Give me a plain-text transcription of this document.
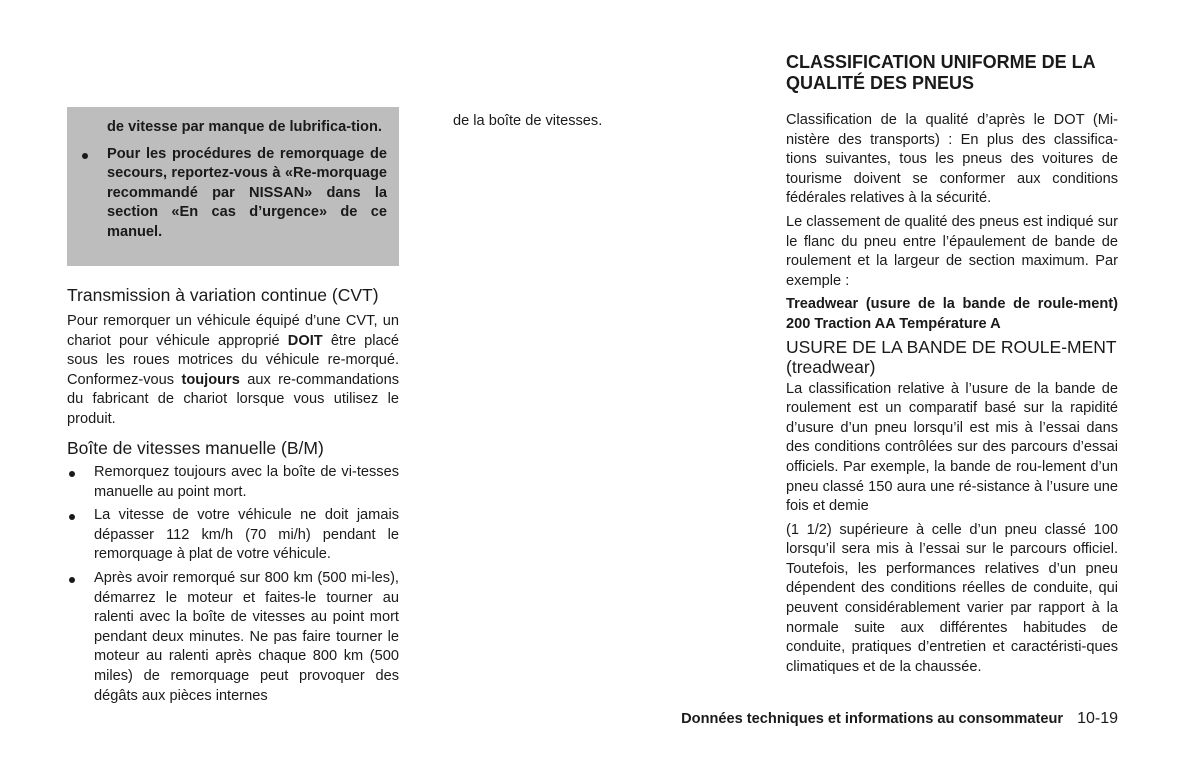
de vitesse par manque de lubrifica-tion.

Pour les procédures de remorquage de secours, reportez-vous à «Re-morquage recommandé par NISSAN» dans la section «En cas d’urgence» de ce manuel.

Transmission à variation continue (CVT)

Pour remorquer un véhicule équipé d’une CVT, un chariot pour véhicule approprié DOIT être placé sous les roues motrices du véhicule re-morqué. Conformez-vous toujours aux re-commandations du fabricant de chariot lorsque vous utilisez le produit.

Boîte de vitesses manuelle (B/M)

Remorquez toujours avec la boîte de vi-tesses manuelle au point mort.

La vitesse de votre véhicule ne doit jamais dépasser 112 km/h (70 mi/h) pendant le remorquage à plat de votre véhicule.

Après avoir remorqué sur 800 km (500 mi-les), démarrez le moteur et faites-le tourner au ralenti avec la boîte de vitesses au point mort pendant deux minutes. Ne pas faire tourner le moteur au ralenti après chaque 800 km (500 miles) de remorquage peut provoquer des dégâts aux pièces internes

de la boîte de vitesses.

CLASSIFICATION UNIFORME DE LA QUALITÉ DES PNEUS

Classification de la qualité d’après le DOT (Mi-nistère des transports) : En plus des classifica-tions suivantes, tous les pneus des voitures de tourisme doivent se conformer aux conditions fédérales relatives à la sécurité.

Le classement de qualité des pneus est indiqué sur le flanc du pneu entre l’épaulement de bande de roulement et la largeur de section maximum. Par exemple :

Treadwear (usure de la bande de roule-ment) 200 Traction AA Température A

USURE DE LA BANDE DE ROULE-MENT (treadwear)

La classification relative à l’usure de la bande de roulement est un comparatif basé sur la rapidité d’usure d’un pneu lorsqu’il est mis à l’essai dans des conditions contrôlées sur des parcours d’essai officiels. Par exemple, la bande de rou-lement d’un pneu classé 150 aura une ré-sistance à l’usure une fois et demie

(1 1/2) supérieure à celle d’un pneu classé 100 lorsqu’il sera mis à l’essai sur le parcours officiel. Toutefois, les performances relatives d’un pneu dépendent des conditions réelles de conduite, qui peuvent considérablement varier par rapport à la normale suite aux différentes habitudes de conduite, pratiques d’entretien et caractéristi-ques climatiques et de la chaussée.

Données techniques et informations au consommateur 10-19
